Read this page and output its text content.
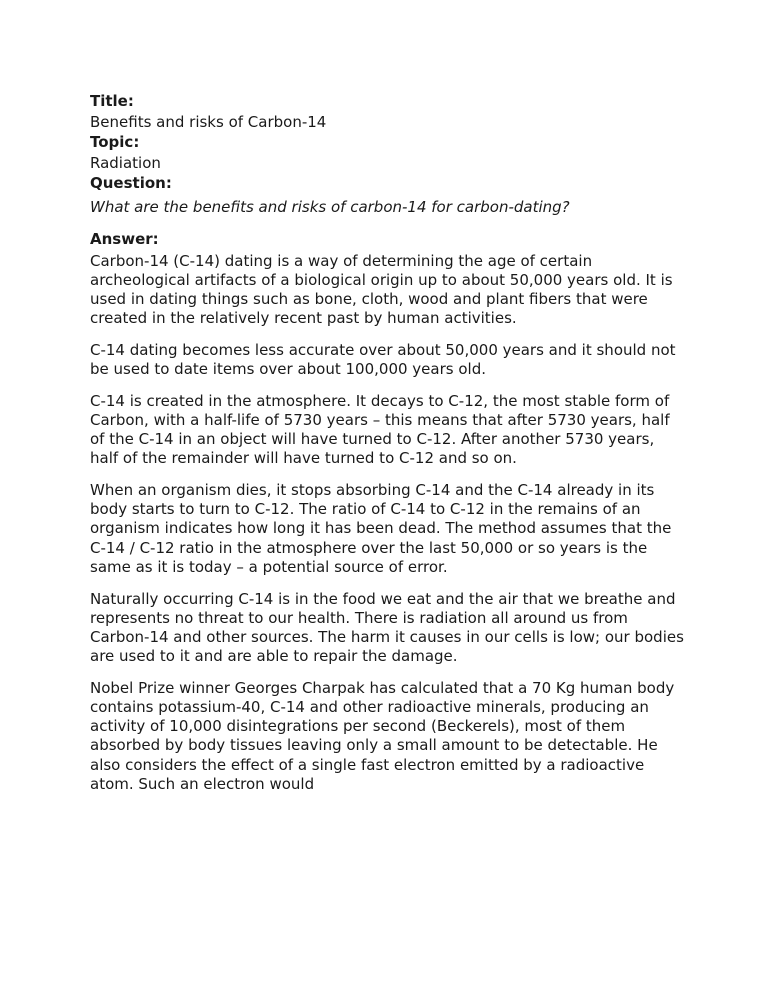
Title:

Benefits and risks of Carbon-14

Topic:

Radiation

Question:

What are the benefits and risks of carbon-14 for carbon-dating?

Answer:

Carbon-14 (C-14) dating is a way of determining the age of certain archeological artifacts of a biological origin up to about 50,000 years old. It is used in dating things such as bone, cloth, wood and plant fibers that were created in the relatively recent past by human activities.

C-14 dating becomes less accurate over about 50,000 years and it should not be used to date items over about 100,000 years old.

C-14 is created in the atmosphere. It decays to C-12, the most stable form of Carbon, with a half-life of 5730 years – this means that after 5730 years, half of the C-14 in an object will have turned to C-12. After another 5730 years, half of the remainder will have turned to C-12 and so on.

When an organism dies, it stops absorbing C-14 and the C-14 already in its body starts to turn to C-12. The ratio of C-14 to C-12 in the remains of an organism indicates how long it has been dead. The method assumes that the C-14 / C-12 ratio in the atmosphere over the last 50,000 or so years is the same as it is today – a potential source of error.

Naturally occurring C-14 is in the food we eat and the air that we breathe and represents no threat to our health. There is radiation all around us from Carbon-14 and other sources. The harm it causes in our cells is low; our bodies are used to it and are able to repair the damage.

Nobel Prize winner Georges Charpak has calculated that a 70 Kg human body contains potassium-40, C-14 and other radioactive minerals, producing an activity of 10,000 disintegrations per second (Beckerels), most of them absorbed by body tissues leaving only a small amount to be detectable. He also considers the effect of a single fast electron emitted by a radioactive atom. Such an electron would
